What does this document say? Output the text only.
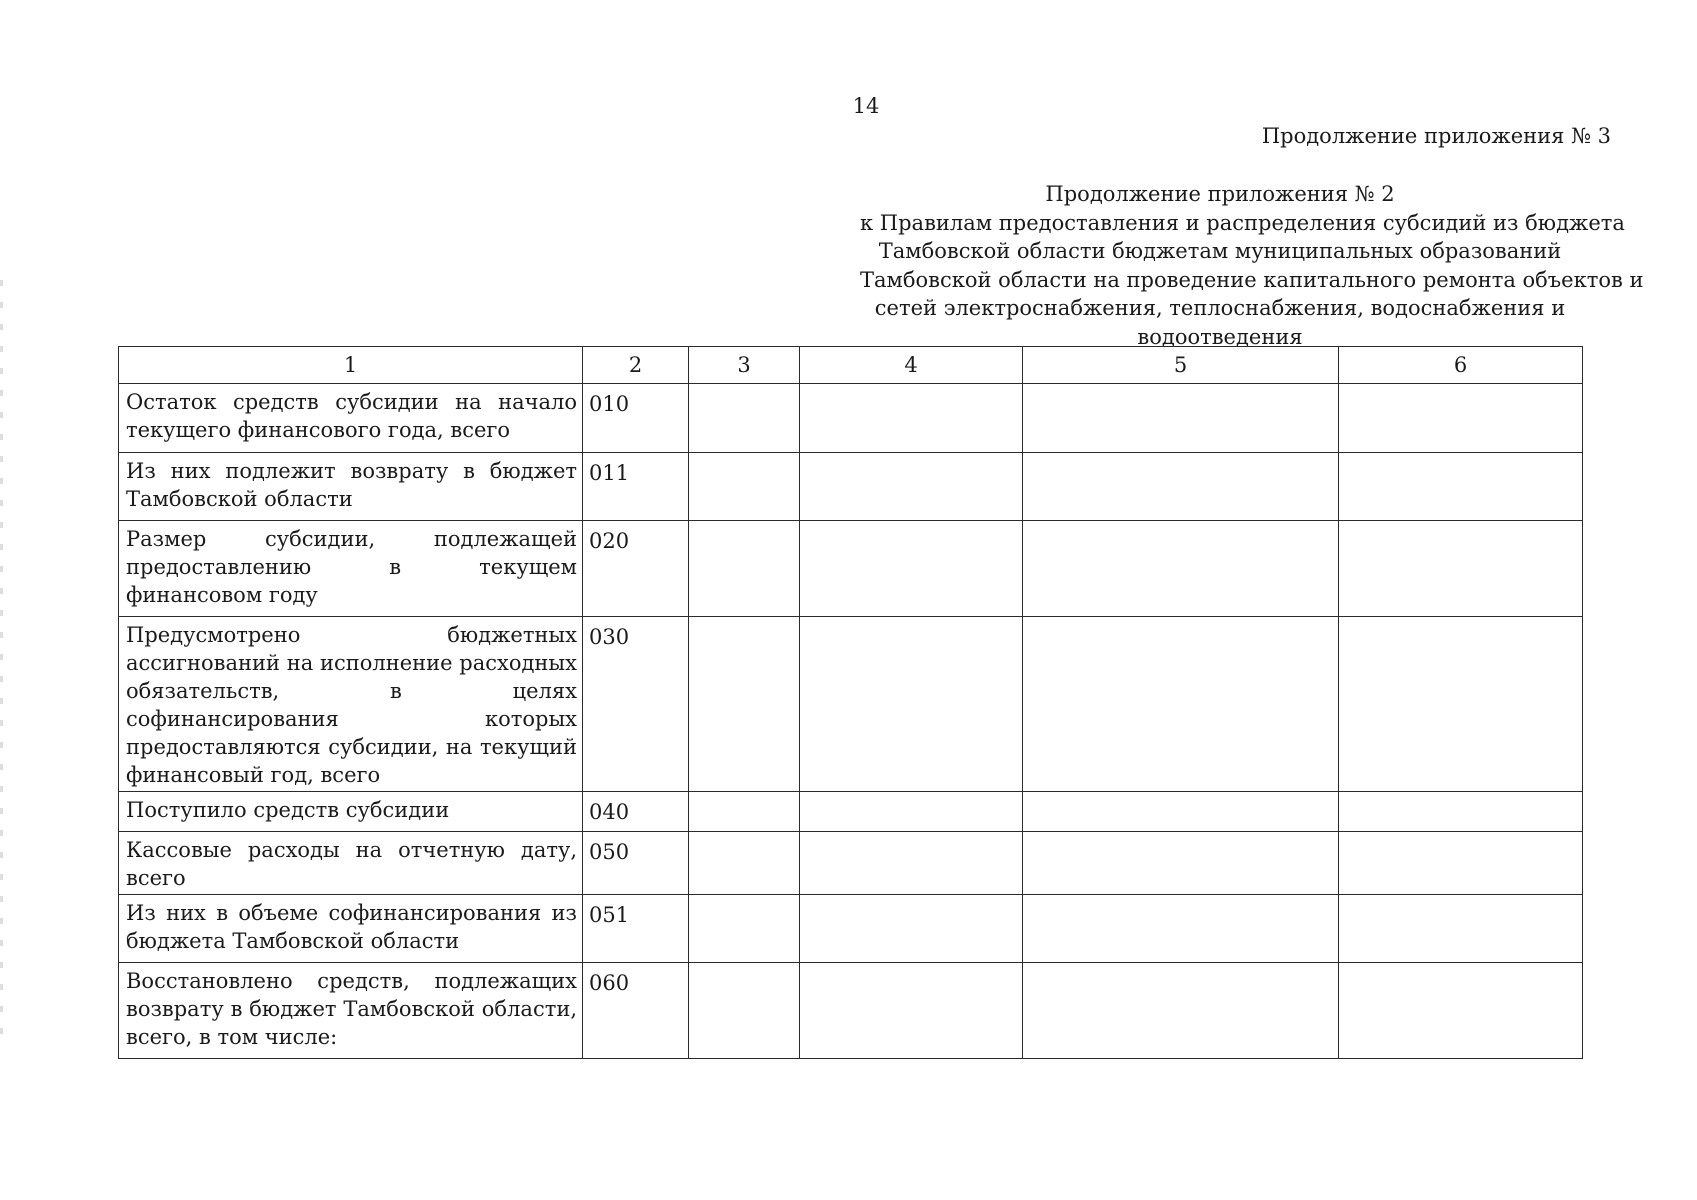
14
Продолжение приложения № 3
Продолжение приложения № 2
к Правилам предоставления и распределения субсидий из бюджета
Тамбовской области бюджетам муниципальных образований
Тамбовской области на проведение капитального ремонта объектов и
сетей электроснабжения, теплоснабжения, водоснабжения и
водоотведения
1	2	3	4	5	6
Остаток средств субсидии на начало текущего финансового года, всего	010				
Из них подлежит возврату в бюджет Тамбовской области	011				
Размер субсидии, подлежащей предоставлению в текущем финансовом году	020				
Предусмотрено бюджетных ассигнований на исполнение расходных обязательств, в целях софинансирования которых предоставляются субсидии, на текущий финансовый год, всего	030				
Поступило средств субсидии	040				
Кассовые расходы на отчетную дату, всего	050				
Из них в объеме софинансирования из бюджета Тамбовской области	051				
Восстановлено средств, подлежащих возврату в бюджет Тамбовской области, всего, в том числе:	060				
